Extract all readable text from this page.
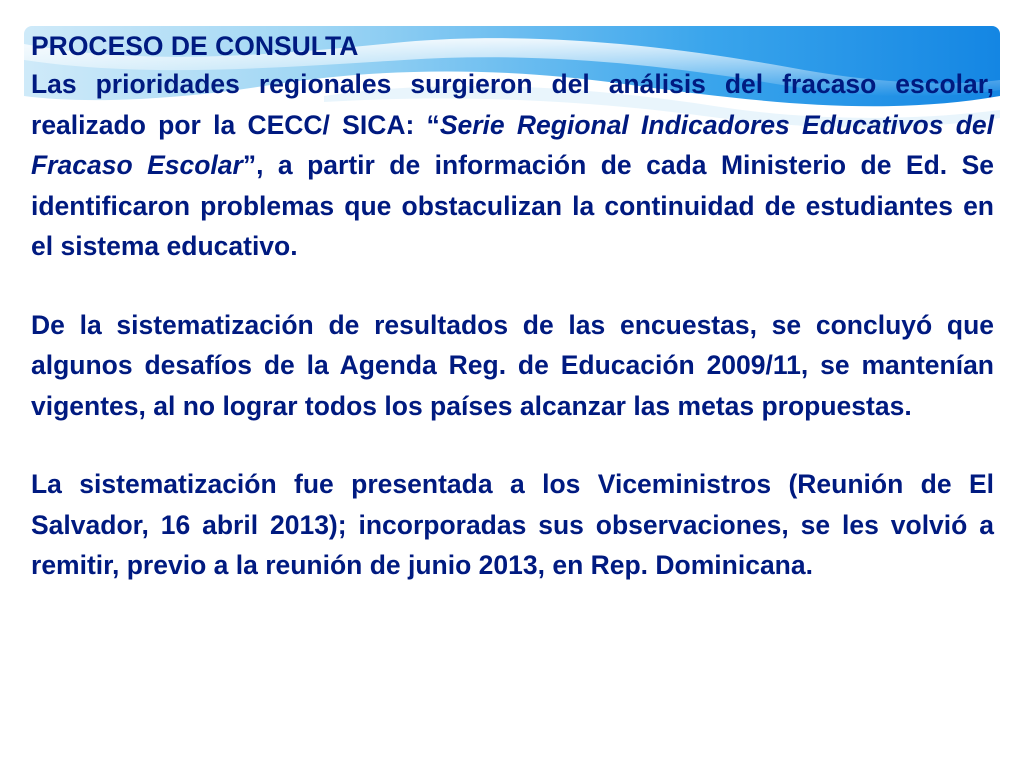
PROCESO DE CONSULTA

Las prioridades regionales surgieron del análisis del fracaso escolar, realizado por la CECC/ SICA: “Serie Regional Indicadores Educativos del Fracaso Escolar”, a partir de información de cada Ministerio de Ed. Se identificaron problemas que obstaculizan la continuidad de estudiantes en el sistema educativo.

De la sistematización de resultados de las encuestas, se concluyó que algunos desafíos de la Agenda Reg. de Educación 2009/11, se mantenían vigentes, al no lograr todos los países alcanzar las metas propuestas.

La sistematización fue presentada a los Viceministros (Reunión de El Salvador, 16 abril 2013); incorporadas sus observaciones, se les volvió a remitir, previo a la reunión de junio 2013, en Rep. Dominicana.
